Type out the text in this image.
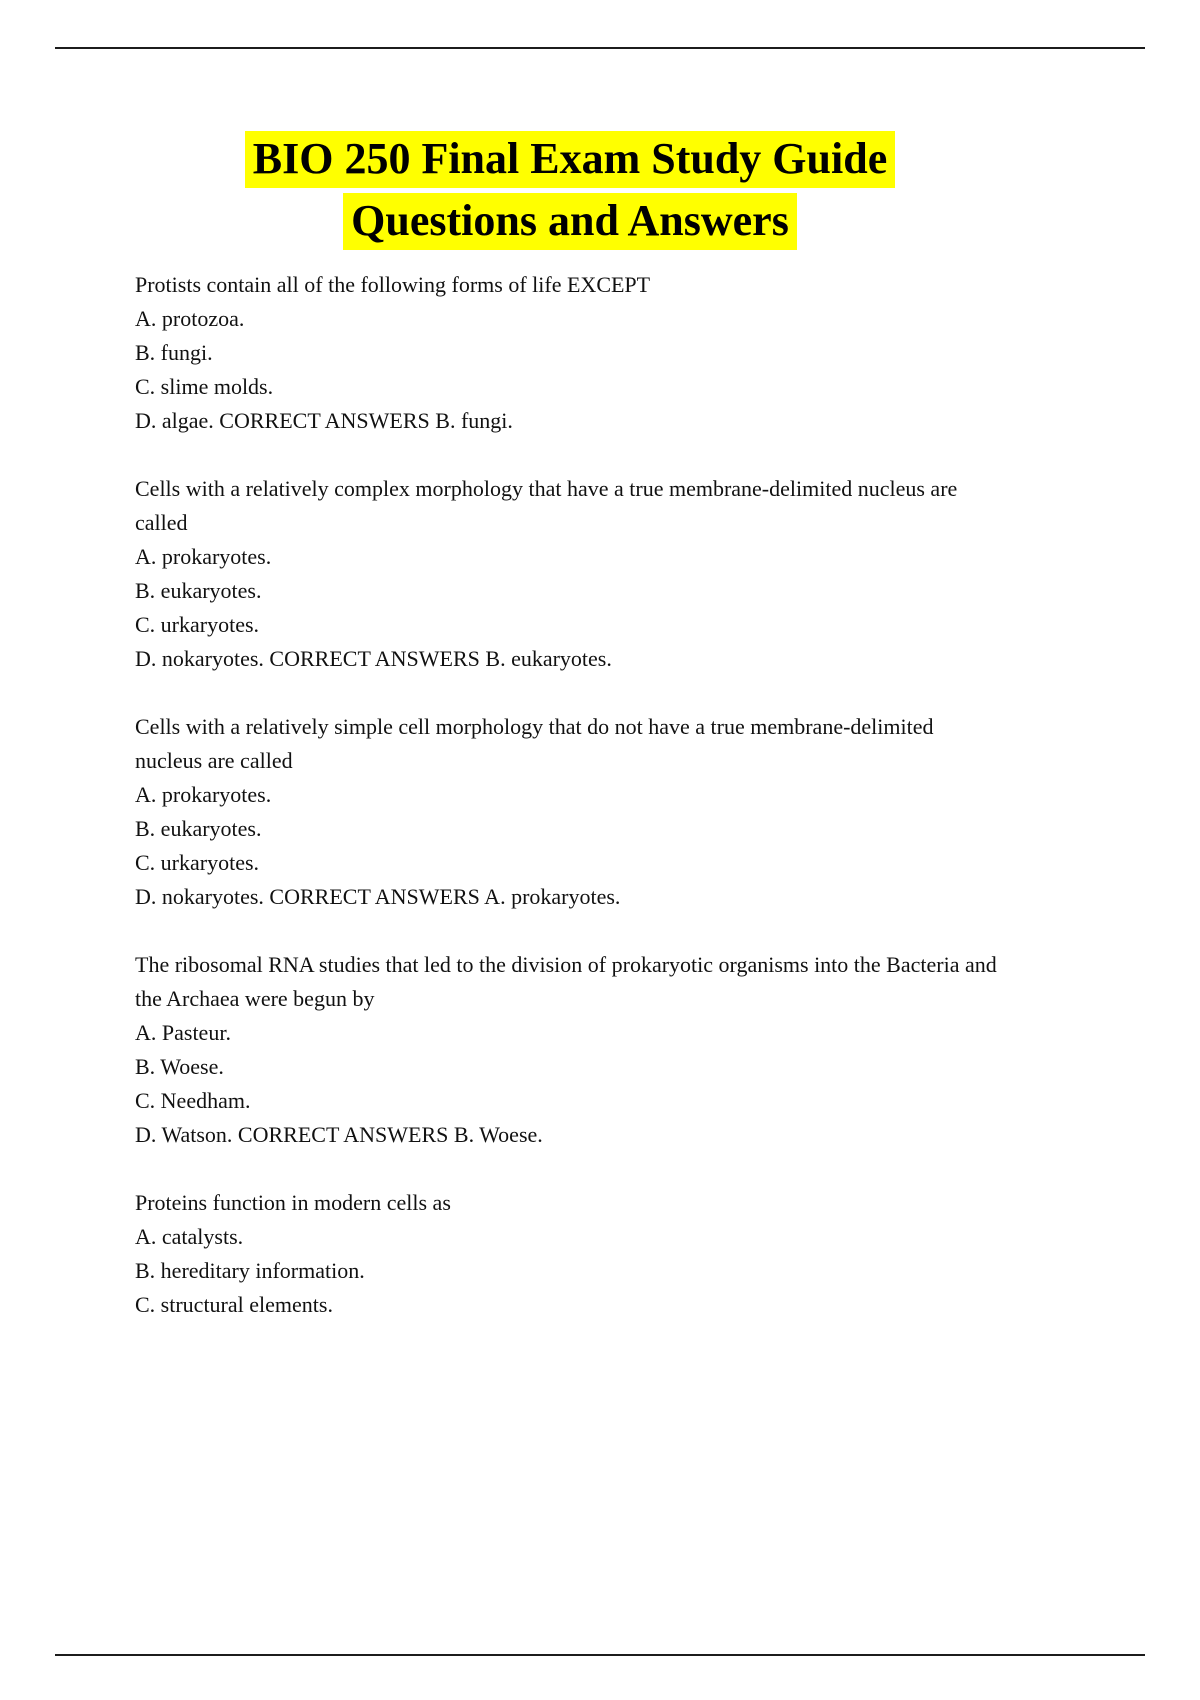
BIO 250 Final Exam Study Guide
Questions and Answers

Protists contain all of the following forms of life EXCEPT

A. protozoa.

B. fungi.

C. slime molds.

D. algae. CORRECT ANSWERS B. fungi.

Cells with a relatively complex morphology that have a true membrane-delimited nucleus are called

A. prokaryotes.

B. eukaryotes.

C. urkaryotes.

D. nokaryotes. CORRECT ANSWERS B. eukaryotes.

Cells with a relatively simple cell morphology that do not have a true membrane-delimited nucleus are called

A. prokaryotes.

B. eukaryotes.

C. urkaryotes.

D. nokaryotes. CORRECT ANSWERS A. prokaryotes.

The ribosomal RNA studies that led to the division of prokaryotic organisms into the Bacteria and the Archaea were begun by

A. Pasteur.

B. Woese.

C. Needham.

D. Watson. CORRECT ANSWERS B. Woese.

Proteins function in modern cells as

A. catalysts.

B. hereditary information.

C. structural elements.
